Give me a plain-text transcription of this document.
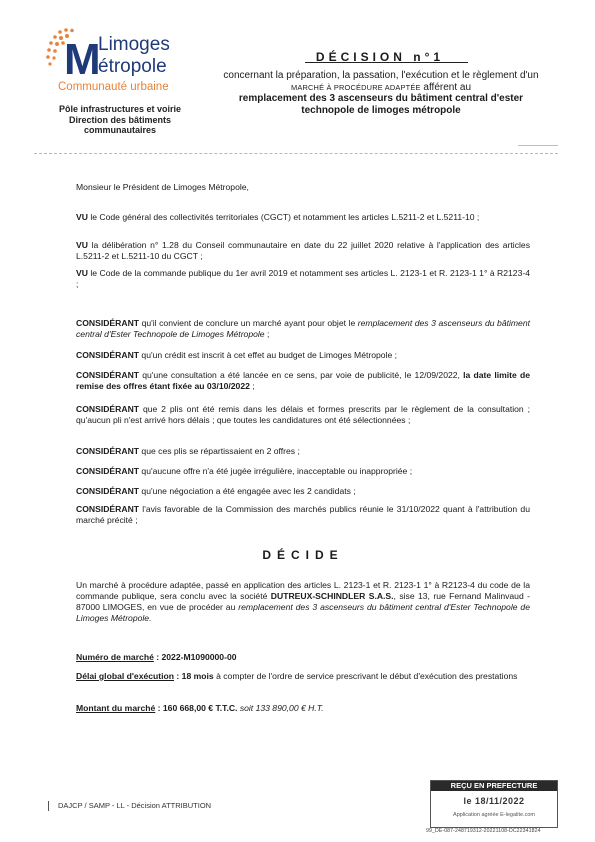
M
Limoges
étropole
Communauté urbaine
Pôle infrastructures et voirie
Direction des bâtiments
communautaires
DÉCISION n°1
concernant la préparation, la passation, l'exécution et le règlement d'un MARCHÉ À PROCÉDURE ADAPTÉE afférent au
remplacement des 3 ascenseurs du bâtiment central d'ester technopole de limoges métropole
Monsieur le Président de Limoges Métropole,
VU le Code général des collectivités territoriales (CGCT) et notamment les articles L.5211-2 et L.5211-10 ;
VU la délibération n° 1.28 du Conseil communautaire en date du 22 juillet 2020 relative à l'application des articles L.5211-2 et L.5211-10 du CGCT ;
VU le Code de la commande publique du 1er avril 2019 et notamment ses articles L. 2123-1 et R. 2123-1 1° à R2123-4 ;
CONSIDÉRANT qu'il convient de conclure un marché ayant pour objet le remplacement des 3 ascenseurs du bâtiment central d'Ester Technopole de Limoges Métropole ;
CONSIDÉRANT qu'un crédit est inscrit à cet effet au budget de Limoges Métropole ;
CONSIDÉRANT qu'une consultation a été lancée en ce sens, par voie de publicité, le 12/09/2022, la date limite de remise des offres étant fixée au 03/10/2022 ;
CONSIDÉRANT que 2 plis ont été remis dans les délais et formes prescrits par le règlement de la consultation ; qu'aucun pli n'est arrivé hors délais ; que toutes les candidatures ont été sélectionnées ;
CONSIDÉRANT que ces plis se répartissaient en 2 offres ;
CONSIDÉRANT qu'aucune offre n'a été jugée irrégulière, inacceptable ou inappropriée ;
CONSIDÉRANT qu'une négociation a été engagée avec les 2 candidats ;
CONSIDÉRANT l'avis favorable de la Commission des marchés publics réunie le 31/10/2022 quant à l'attribution du marché précité ;
DÉCIDE
Un marché à procédure adaptée, passé en application des articles L. 2123-1 et R. 2123-1 1° à R2123-4 du code de la commande publique, sera conclu avec la société DUTREUX-SCHINDLER S.A.S., sise 13, rue Fernand Malinvaud - 87000 LIMOGES, en vue de procéder au remplacement des 3 ascenseurs du bâtiment central d'Ester Technopole de Limoges Métropole.
Numéro de marché : 2022-M1090000-00
Délai global d'exécution : 18 mois à compter de l'ordre de service prescrivant le début d'exécution des prestations
Montant du marché : 160 668,00 € T.T.C. soit 133 890,00 € H.T.
DAJCP / SAMP - LL - Décision ATTRIBUTION
REÇU EN PREFECTURE
le 18/11/2022
Application agréée E-legalite.com
99_DE-087-248719312-20221108-DC22341824
